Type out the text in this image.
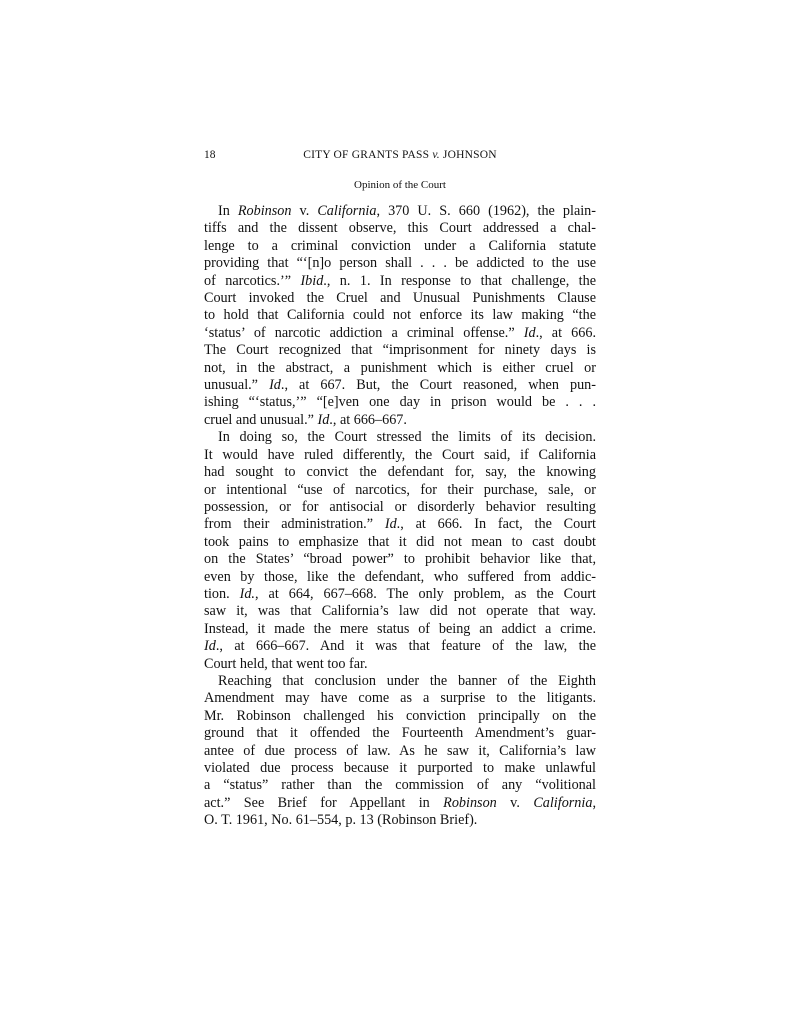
18	CITY OF GRANTS PASS v. JOHNSON
Opinion of the Court
In Robinson v. California, 370 U. S. 660 (1962), the plain-
tiffs and the dissent observe, this Court addressed a chal-
lenge to a criminal conviction under a California statute
providing that “‘[n]o person shall . . . be addicted to the use
of narcotics.’” Ibid., n. 1. In response to that challenge, the
Court invoked the Cruel and Unusual Punishments Clause
to hold that California could not enforce its law making “the
‘status’ of narcotic addiction a criminal offense.” Id., at 666.
The Court recognized that “imprisonment for ninety days is
not, in the abstract, a punishment which is either cruel or
unusual.” Id., at 667. But, the Court reasoned, when pun-
ishing “‘status,’” “[e]ven one day in prison would be . . .
cruel and unusual.” Id., at 666–667.
In doing so, the Court stressed the limits of its decision.
It would have ruled differently, the Court said, if California
had sought to convict the defendant for, say, the knowing
or intentional “use of narcotics, for their purchase, sale, or
possession, or for antisocial or disorderly behavior resulting
from their administration.” Id., at 666. In fact, the Court
took pains to emphasize that it did not mean to cast doubt
on the States’ “broad power” to prohibit behavior like that,
even by those, like the defendant, who suffered from addic-
tion. Id., at 664, 667–668. The only problem, as the Court
saw it, was that California’s law did not operate that way.
Instead, it made the mere status of being an addict a crime.
Id., at 666–667. And it was that feature of the law, the
Court held, that went too far.
Reaching that conclusion under the banner of the Eighth
Amendment may have come as a surprise to the litigants.
Mr. Robinson challenged his conviction principally on the
ground that it offended the Fourteenth Amendment’s guar-
antee of due process of law. As he saw it, California’s law
violated due process because it purported to make unlawful
a “status” rather than the commission of any “volitional
act.” See Brief for Appellant in Robinson v. California,
O. T. 1961, No. 61–554, p. 13 (Robinson Brief).
